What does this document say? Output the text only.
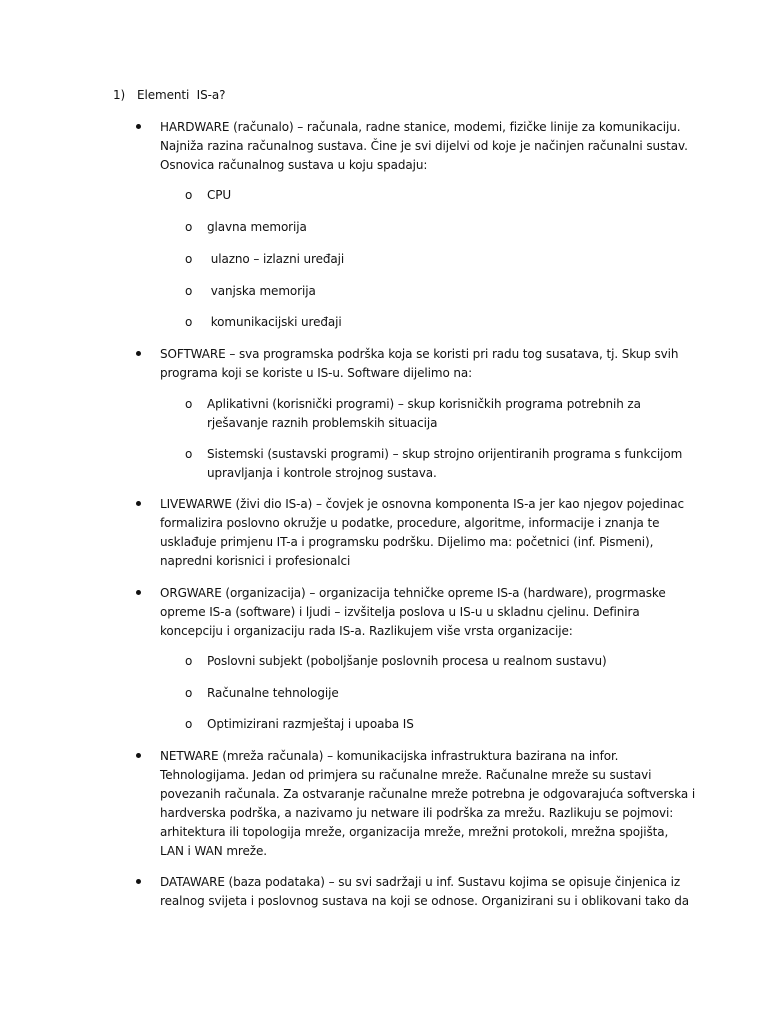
1) Elementi  IS-a?
HARDWARE (računalo) – računala, radne stanice, modemi, fizičke linije za komunikaciju.
Najniža razina računalnog sustava. Čine je svi dijelvi od koje je načinjen računalni sustav.
Osnovica računalnog sustava u koju spadaju:
o CPU
o glavna memorija
o ulazno – izlazni uređaji
o vanjska memorija
o komunikacijski uređaji
SOFTWARE – sva programska podrška koja se koristi pri radu tog susatava, tj. Skup svih
programa koji se koriste u IS-u. Software dijelimo na:
o Aplikativni (korisnički programi) – skup korisničkih programa potrebnih za
rješavanje raznih problemskih situacija
o Sistemski (sustavski programi) – skup strojno orijentiranih programa s funkcijom
upravljanja i kontrole strojnog sustava.
LIVEWARWE (živi dio IS-a) – čovjek je osnovna komponenta IS-a jer kao njegov pojedinac
formalizira poslovno okružje u podatke, procedure, algoritme, informacije i znanja te
usklađuje primjenu IT-a i programsku podršku. Dijelimo ma: početnici (inf. Pismeni),
napredni korisnici i profesionalci
ORGWARE (organizacija) – organizacija tehničke opreme IS-a (hardware), progrmaske
opreme IS-a (software) i ljudi – izvšitelja poslova u IS-u u skladnu cjelinu. Definira
koncepciju i organizaciju rada IS-a. Razlikujem više vrsta organizacije:
o Poslovni subjekt (poboljšanje poslovnih procesa u realnom sustavu)
o Računalne tehnologije
o Optimizirani razmještaj i upoaba IS
NETWARE (mreža računala) – komunikacijska infrastruktura bazirana na infor.
Tehnologijama. Jedan od primjera su računalne mreže. Računalne mreže su sustavi
povezanih računala. Za ostvaranje računalne mreže potrebna je odgovarajuća softverska i
hardverska podrška, a nazivamo ju netware ili podrška za mrežu. Razlikuju se pojmovi:
arhitektura ili topologija mreže, organizacija mreže, mrežni protokoli, mrežna spojišta,
LAN i WAN mreže.
DATAWARE (baza podataka) – su svi sadržaji u inf. Sustavu kojima se opisuje činjenica iz
realnog svijeta i poslovnog sustava na koji se odnose. Organizirani su i oblikovani tako da
